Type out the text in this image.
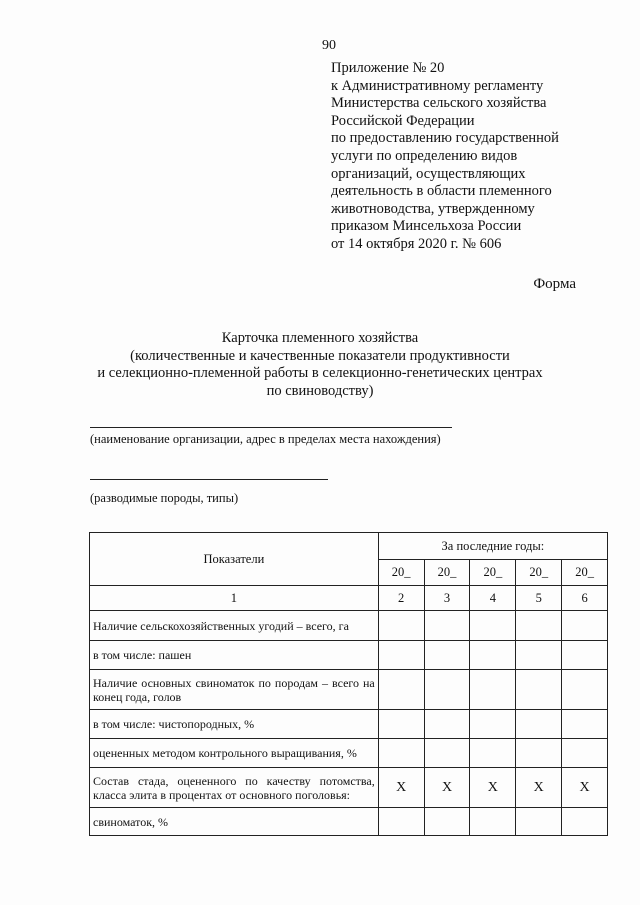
90
Приложение № 20
к Административному регламенту
Министерства сельского хозяйства
Российской Федерации
по предоставлению государственной
услуги по определению видов
организаций, осуществляющих
деятельность в области племенного
животноводства, утвержденному
приказом Минсельхоза России
от 14 октября 2020 г. № 606
Форма
Карточка племенного хозяйства
(количественные и качественные показатели продуктивности
и селекционно-племенной работы в селекционно-генетических центрах
по свиноводству)
(наименование организации, адрес в пределах места нахождения)
(разводимые породы, типы)
Показатели	За последние годы:				
	20_	20_	20_	20_	20_
1	2	3	4	5	6
Наличие сельскохозяйственных угодий – всего, га					
в том числе: пашен					
Наличие основных свиноматок по породам – всего на конец года, голов					
в том числе: чистопородных, %					
оцененных методом контрольного выращивания, %					
Состав стада, оцененного по качеству потомства, класса элита в процентах от основного поголовья:	Х	Х	Х	Х	Х
свиноматок, %					
